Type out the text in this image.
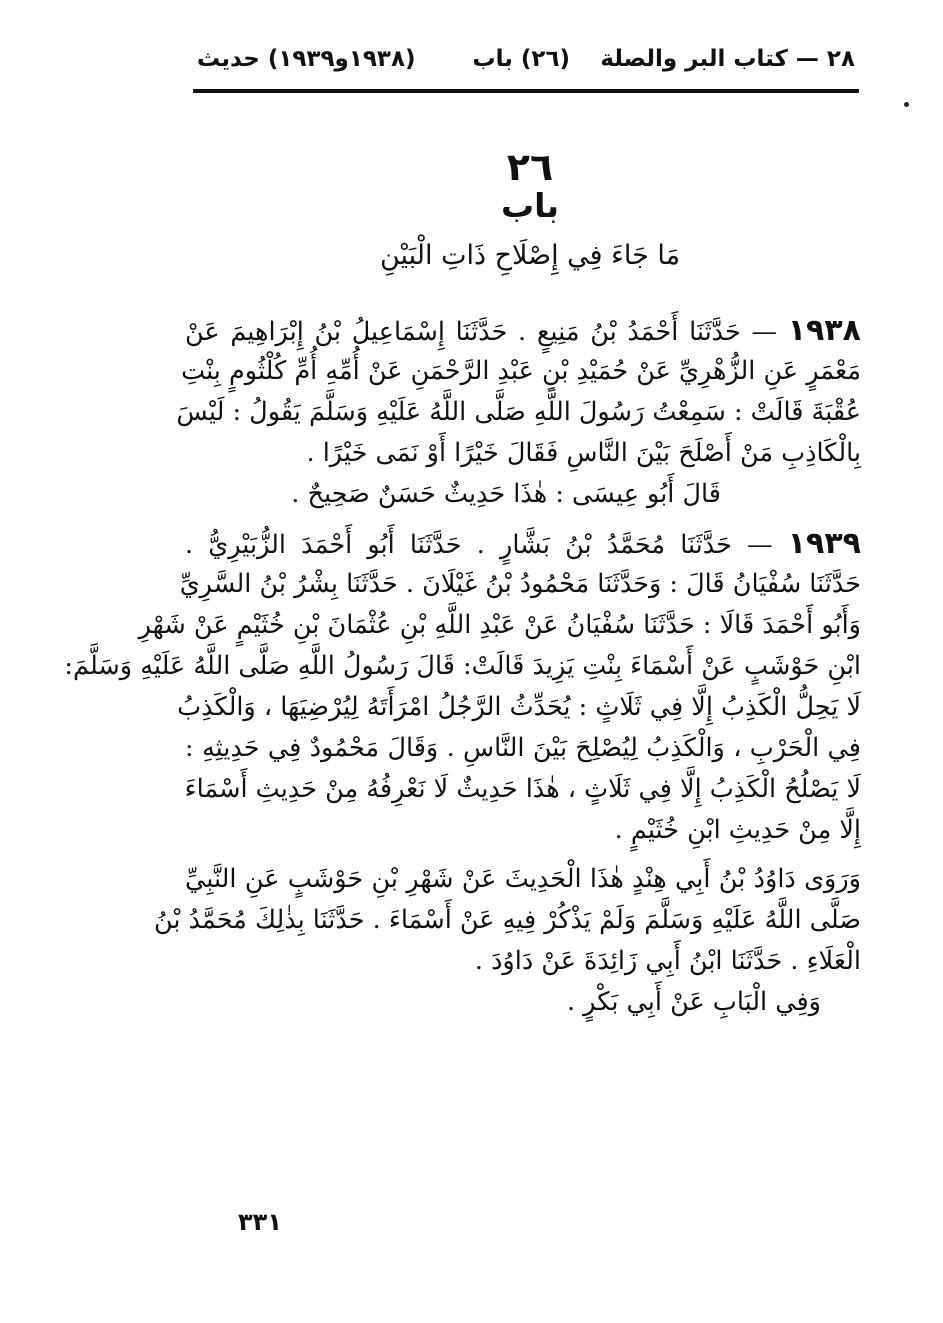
٢٨ — كتاب البر والصلة
(٢٦) باب
(١٩٣٨و١٩٣٩) حديث
٢٦
باب
مَا جَاءَ فِي إِصْلَاحِ ذَاتِ الْبَيْنِ
١٩٣٨ — حَدَّثَنَا أَحْمَدُ بْنُ مَنِيعٍ . حَدَّثَنَا إِسْمَاعِيلُ بْنُ إِبْرَاهِيمَ عَنْ
مَعْمَرٍ عَنِ الزُّهْرِيِّ عَنْ حُمَيْدِ بْنِ عَبْدِ الرَّحْمَنِ عَنْ أُمِّهِ أُمِّ كُلْثُومٍ بِنْتِ
عُقْبَةَ قَالَتْ : سَمِعْتُ رَسُولَ اللَّهِ صَلَّى اللَّهُ عَلَيْهِ وَسَلَّمَ يَقُولُ : لَيْسَ
بِالْكَاذِبِ مَنْ أَصْلَحَ بَيْنَ النَّاسِ فَقَالَ خَيْرًا أَوْ نَمَى خَيْرًا .
قَالَ أَبُو عِيسَى : هٰذَا حَدِيثٌ حَسَنٌ صَحِيحٌ .
١٩٣٩ — حَدَّثَنَا مُحَمَّدُ بْنُ بَشَّارٍ . حَدَّثَنَا أَبُو أَحْمَدَ الزُّبَيْرِيُّ .
حَدَّثَنَا سُفْيَانُ قَالَ : وَحَدَّثَنَا مَحْمُودُ بْنُ غَيْلَانَ . حَدَّثَنَا بِشْرُ بْنُ السَّرِيِّ
وَأَبُو أَحْمَدَ قَالَا : حَدَّثَنَا سُفْيَانُ عَنْ عَبْدِ اللَّهِ بْنِ عُثْمَانَ بْنِ خُثَيْمٍ عَنْ شَهْرِ
ابْنِ حَوْشَبٍ عَنْ أَسْمَاءَ بِنْتِ يَزِيدَ قَالَتْ: قَالَ رَسُولُ اللَّهِ صَلَّى اللَّهُ عَلَيْهِ وَسَلَّمَ:
لَا يَحِلُّ الْكَذِبُ إِلَّا فِي ثَلَاثٍ : يُحَدِّثُ الرَّجُلُ امْرَأَتَهُ لِيُرْضِيَهَا ، وَالْكَذِبُ
فِي الْحَرْبِ ، وَالْكَذِبُ لِيُصْلِحَ بَيْنَ النَّاسِ . وَقَالَ مَحْمُودٌ فِي حَدِيثِهِ :
لَا يَصْلُحُ الْكَذِبُ إِلَّا فِي ثَلَاثٍ ، هٰذَا حَدِيثٌ لَا نَعْرِفُهُ مِنْ حَدِيثِ أَسْمَاءَ
إِلَّا مِنْ حَدِيثِ ابْنِ خُثَيْمٍ .
وَرَوَى دَاوُدُ بْنُ أَبِي هِنْدٍ هٰذَا الْحَدِيثَ عَنْ شَهْرِ بْنِ حَوْشَبٍ عَنِ النَّبِيِّ
صَلَّى اللَّهُ عَلَيْهِ وَسَلَّمَ وَلَمْ يَذْكُرْ فِيهِ عَنْ أَسْمَاءَ . حَدَّثَنَا بِذٰلِكَ مُحَمَّدُ بْنُ
الْعَلَاءِ . حَدَّثَنَا ابْنُ أَبِي زَائِدَةَ عَنْ دَاوُدَ .
وَفِي الْبَابِ عَنْ أَبِي بَكْرٍ .
٣٣١
